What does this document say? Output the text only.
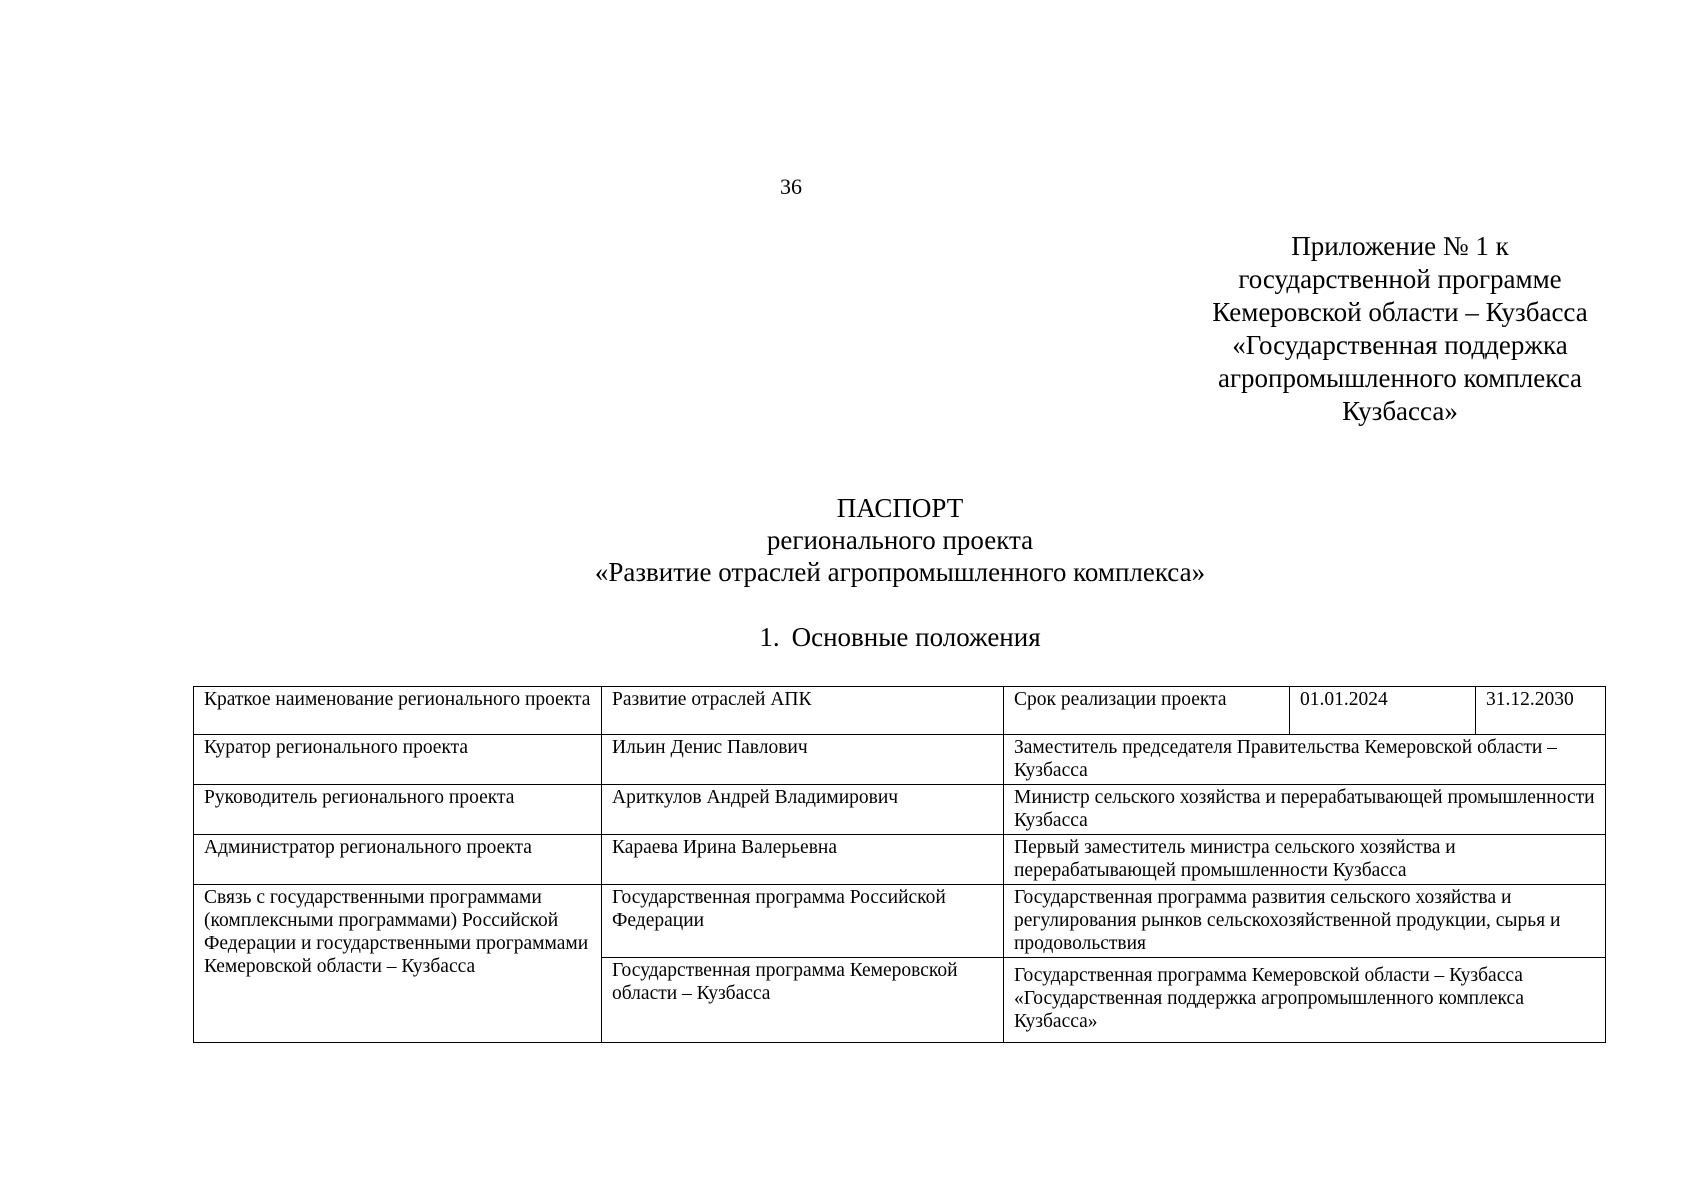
36
Приложение № 1 к
государственной программе
Кемеровской области – Кузбасса
«Государственная поддержка
агропромышленного комплекса
Кузбасса»
ПАСПОРТ
регионального проекта
«Развитие отраслей агропромышленного комплекса»
1. Основные положения
Краткое наименование регионального проекта	Развитие отраслей АПК	Срок реализации проекта	01.01.2024	31.12.2030
Куратор регионального проекта	Ильин Денис Павлович	Заместитель председателя Правительства Кемеровской области – Кузбасса		
Руководитель регионального проекта	Ариткулов Андрей Владимирович	Министр сельского хозяйства и перерабатывающей промышленности Кузбасса		
Администратор регионального проекта	Караева Ирина Валерьевна	Первый заместитель министра сельского хозяйства и перерабатывающей промышленности Кузбасса		
Связь с государственными программами (комплексными программами) Российской Федерации и государственными программами Кемеровской области – Кузбасса	Государственная программа Российской Федерации	Государственная программа развития сельского хозяйства и регулирования рынков сельскохозяйственной продукции, сырья и продовольствия		
	Государственная программа Кемеровской области – Кузбасса	Государственная программа Кемеровской области – Кузбасса «Государственная поддержка агропромышленного комплекса Кузбасса»		
